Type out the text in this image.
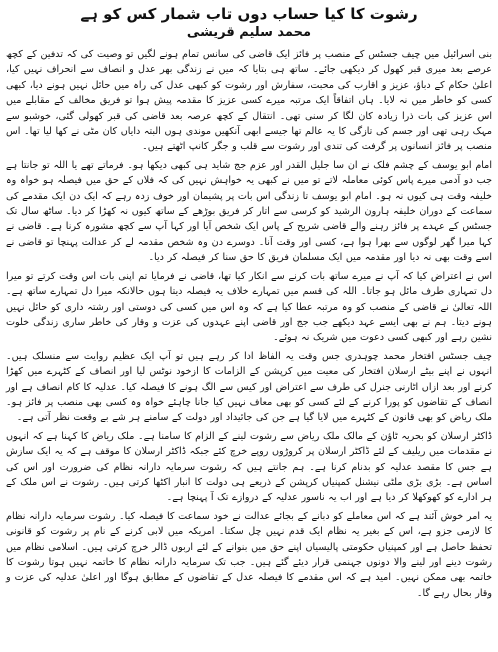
رشوت کا کیا حساب دوں تاب شمار کس کو ہے
محمد سلیم قریشی

بنی اسرائیل میں چیف جسٹس کے منصب پر فائز ایک قاضی کی سانس تمام ہونے لگیں تو وصیت کی کہ تدفین کے کچھ عرصے بعد میری قبر کھول کر دیکھی جائے۔ ساتھ ہی بتایا کہ میں نے زندگی بھر عدل و انصاف سے انحراف نہیں کیا، اعلیٰ حکام کے دباؤ، عزیز و اقارب کی محبت، سفارش اور رشوت کو کبھی عدل کی راہ میں حائل نہیں ہونے دیا، کبھی کسی کو خاطر میں نہ لایا۔ ہاں اتفاقاً ایک مرتبہ میرے کسی عزیز کا مقدمہ پیش ہوا تو فریق مخالف کے مقابلے میں اس عزیز کی بات ذرا زیادہ کان لگا کر سنی تھی۔ انتقال کے کچھ عرصہ بعد قاضی کی قبر کھولی گئی، خوشبو سے مہک رہی تھی اور جسم کی تازگی کا یہ عالم تھا جیسے ابھی آنکھیں موندی ہوں البتہ دایاں کان مٹی نے کھا لیا تھا۔ اس منصب پر فائز انسانوں پر گرفت کی تندی اور رشوت سے قلب و جگر کانپ اٹھتے ہیں۔

امام ابو یوسف کے چشم فلک نے ان سا جلیل القدر اور عزم جج شاید ہی کبھی دیکھا ہو۔ فرماتے تھے یا اللہ تو جانتا ہے جب دو آدمی میرے پاس کوئی معاملہ لاتے تو میں نے کبھی یہ خواہش نہیں کی کہ فلاں کے حق میں فیصلہ ہو خواہ وہ خلیفہ وقت ہی کیوں نہ ہو۔ امام ابو یوسف تا زندگی اس بات پر پشیمان اور خوف زدہ رہے کہ ایک دن ایک مقدمے کی سماعت کے دوران خلیفہ ہارون الرشید کو کرسی سے اتار کر فریق بوڑھے کے ساتھ کیوں نہ کھڑا کر دیا۔ ساٹھ سال تک جسٹس کے عہدے پر فائز رہنے والے قاضی شریح کے پاس ایک شخص آیا اور کہا آپ سے کچھ مشورہ کرنا ہے۔ قاضی نے کہا میرا گھر لوگوں سے بھرا ہوا ہے، کسی اور وقت آنا۔ دوسرے دن وہ شخص مقدمہ لے کر عدالت پہنچا تو قاضی نے اسے وقت بھی نہ دیا اور مقدمہ میں ایک مسلمان فریق کا حق سنا کر فیصلہ کر دیا۔

اس نے اعتراض کیا کہ آپ نے میرے ساتھ بات کرنے سے انکار کیا تھا، قاضی نے فرمایا تم اپنی بات اس وقت کرتے تو میرا دل تمہاری طرف مائل ہو جاتا۔ اللہ کی قسم میں تمہارے خلاف یہ فیصلہ دیتا ہوں حالانکہ میرا دل تمہارے ساتھ ہے۔ اللہ تعالیٰ نے قاضی کے منصب کو وہ مرتبہ عطا کیا ہے کہ وہ اس میں کسی کی دوستی اور رشتہ داری کو حائل نہیں ہونے دیتا۔ ہم نے بھی ایسے عہد دیکھے جب جج اور قاضی اپنے عہدوں کی عزت و وقار کی خاطر ساری زندگی خلوت نشین رہے اور کبھی کسی دعوت میں شریک نہ ہوئے۔

چیف جسٹس افتخار محمد چوہدری جس وقت یہ الفاظ ادا کر رہے ہیں تو آپ ایک عظیم روایت سے منسلک ہیں۔ انہوں نے اپنے بیٹے ارسلان افتخار کی معیت میں کرپشن کے الزامات کا ازخود نوٹس لیا اور انصاف کے کٹہرے میں کھڑا کرنے اور بعد ازاں اٹارنی جنرل کی طرف سے اعتراض اور کیس سے الگ ہونے کا فیصلہ کیا۔ عدلیہ کا کام انصاف ہے اور انصاف کے تقاضوں کو پورا کرنے کے لئے کسی کو بھی معاف نہیں کیا جانا چاہئے خواہ وہ کسی بھی منصب پر فائز ہو۔ ملک ریاض کو بھی قانون کے کٹہرے میں لایا گیا ہے جن کی جائیداد اور دولت کے سامنے ہر شے بے وقعت نظر آتی ہے۔

ڈاکٹر ارسلان کو بحریہ ٹاؤن کے مالک ملک ریاض سے رشوت لینے کے الزام کا سامنا ہے۔ ملک ریاض کا کہنا ہے کہ انہوں نے مقدمات میں ریلیف کے لئے ڈاکٹر ارسلان پر کروڑوں روپے خرچ کئے جبکہ ڈاکٹر ارسلان کا موقف ہے کہ یہ ایک سازش ہے جس کا مقصد عدلیہ کو بدنام کرنا ہے۔ ہم جانتے ہیں کہ رشوت سرمایہ دارانہ نظام کی ضرورت اور اس کی اساس ہے۔ بڑی بڑی ملٹی نیشنل کمپنیاں کرپشن کے ذریعے ہی دولت کا انبار اکٹھا کرتی ہیں۔ رشوت نے اس ملک کے ہر ادارے کو کھوکھلا کر دیا ہے اور اب یہ ناسور عدلیہ کے دروازے تک آ پہنچا ہے۔

یہ امر خوش آئند ہے کہ اس معاملے کو دبانے کے بجائے عدالت نے خود سماعت کا فیصلہ کیا۔ رشوت سرمایہ دارانہ نظام کا لازمی جزو ہے، اس کے بغیر یہ نظام ایک قدم نہیں چل سکتا۔ امریکہ میں لابی کرنے کے نام پر رشوت کو قانونی تحفظ حاصل ہے اور کمپنیاں حکومتی پالیسیاں اپنے حق میں بنوانے کے لئے اربوں ڈالر خرچ کرتی ہیں۔ اسلامی نظام میں رشوت دینے اور لینے والا دونوں جہنمی قرار دیئے گئے ہیں۔ جب تک سرمایہ دارانہ نظام کا خاتمہ نہیں ہوتا رشوت کا خاتمہ بھی ممکن نہیں۔ امید ہے کہ اس مقدمے کا فیصلہ عدل کے تقاضوں کے مطابق ہوگا اور اعلیٰ عدلیہ کی عزت و وقار بحال رہے گا۔
